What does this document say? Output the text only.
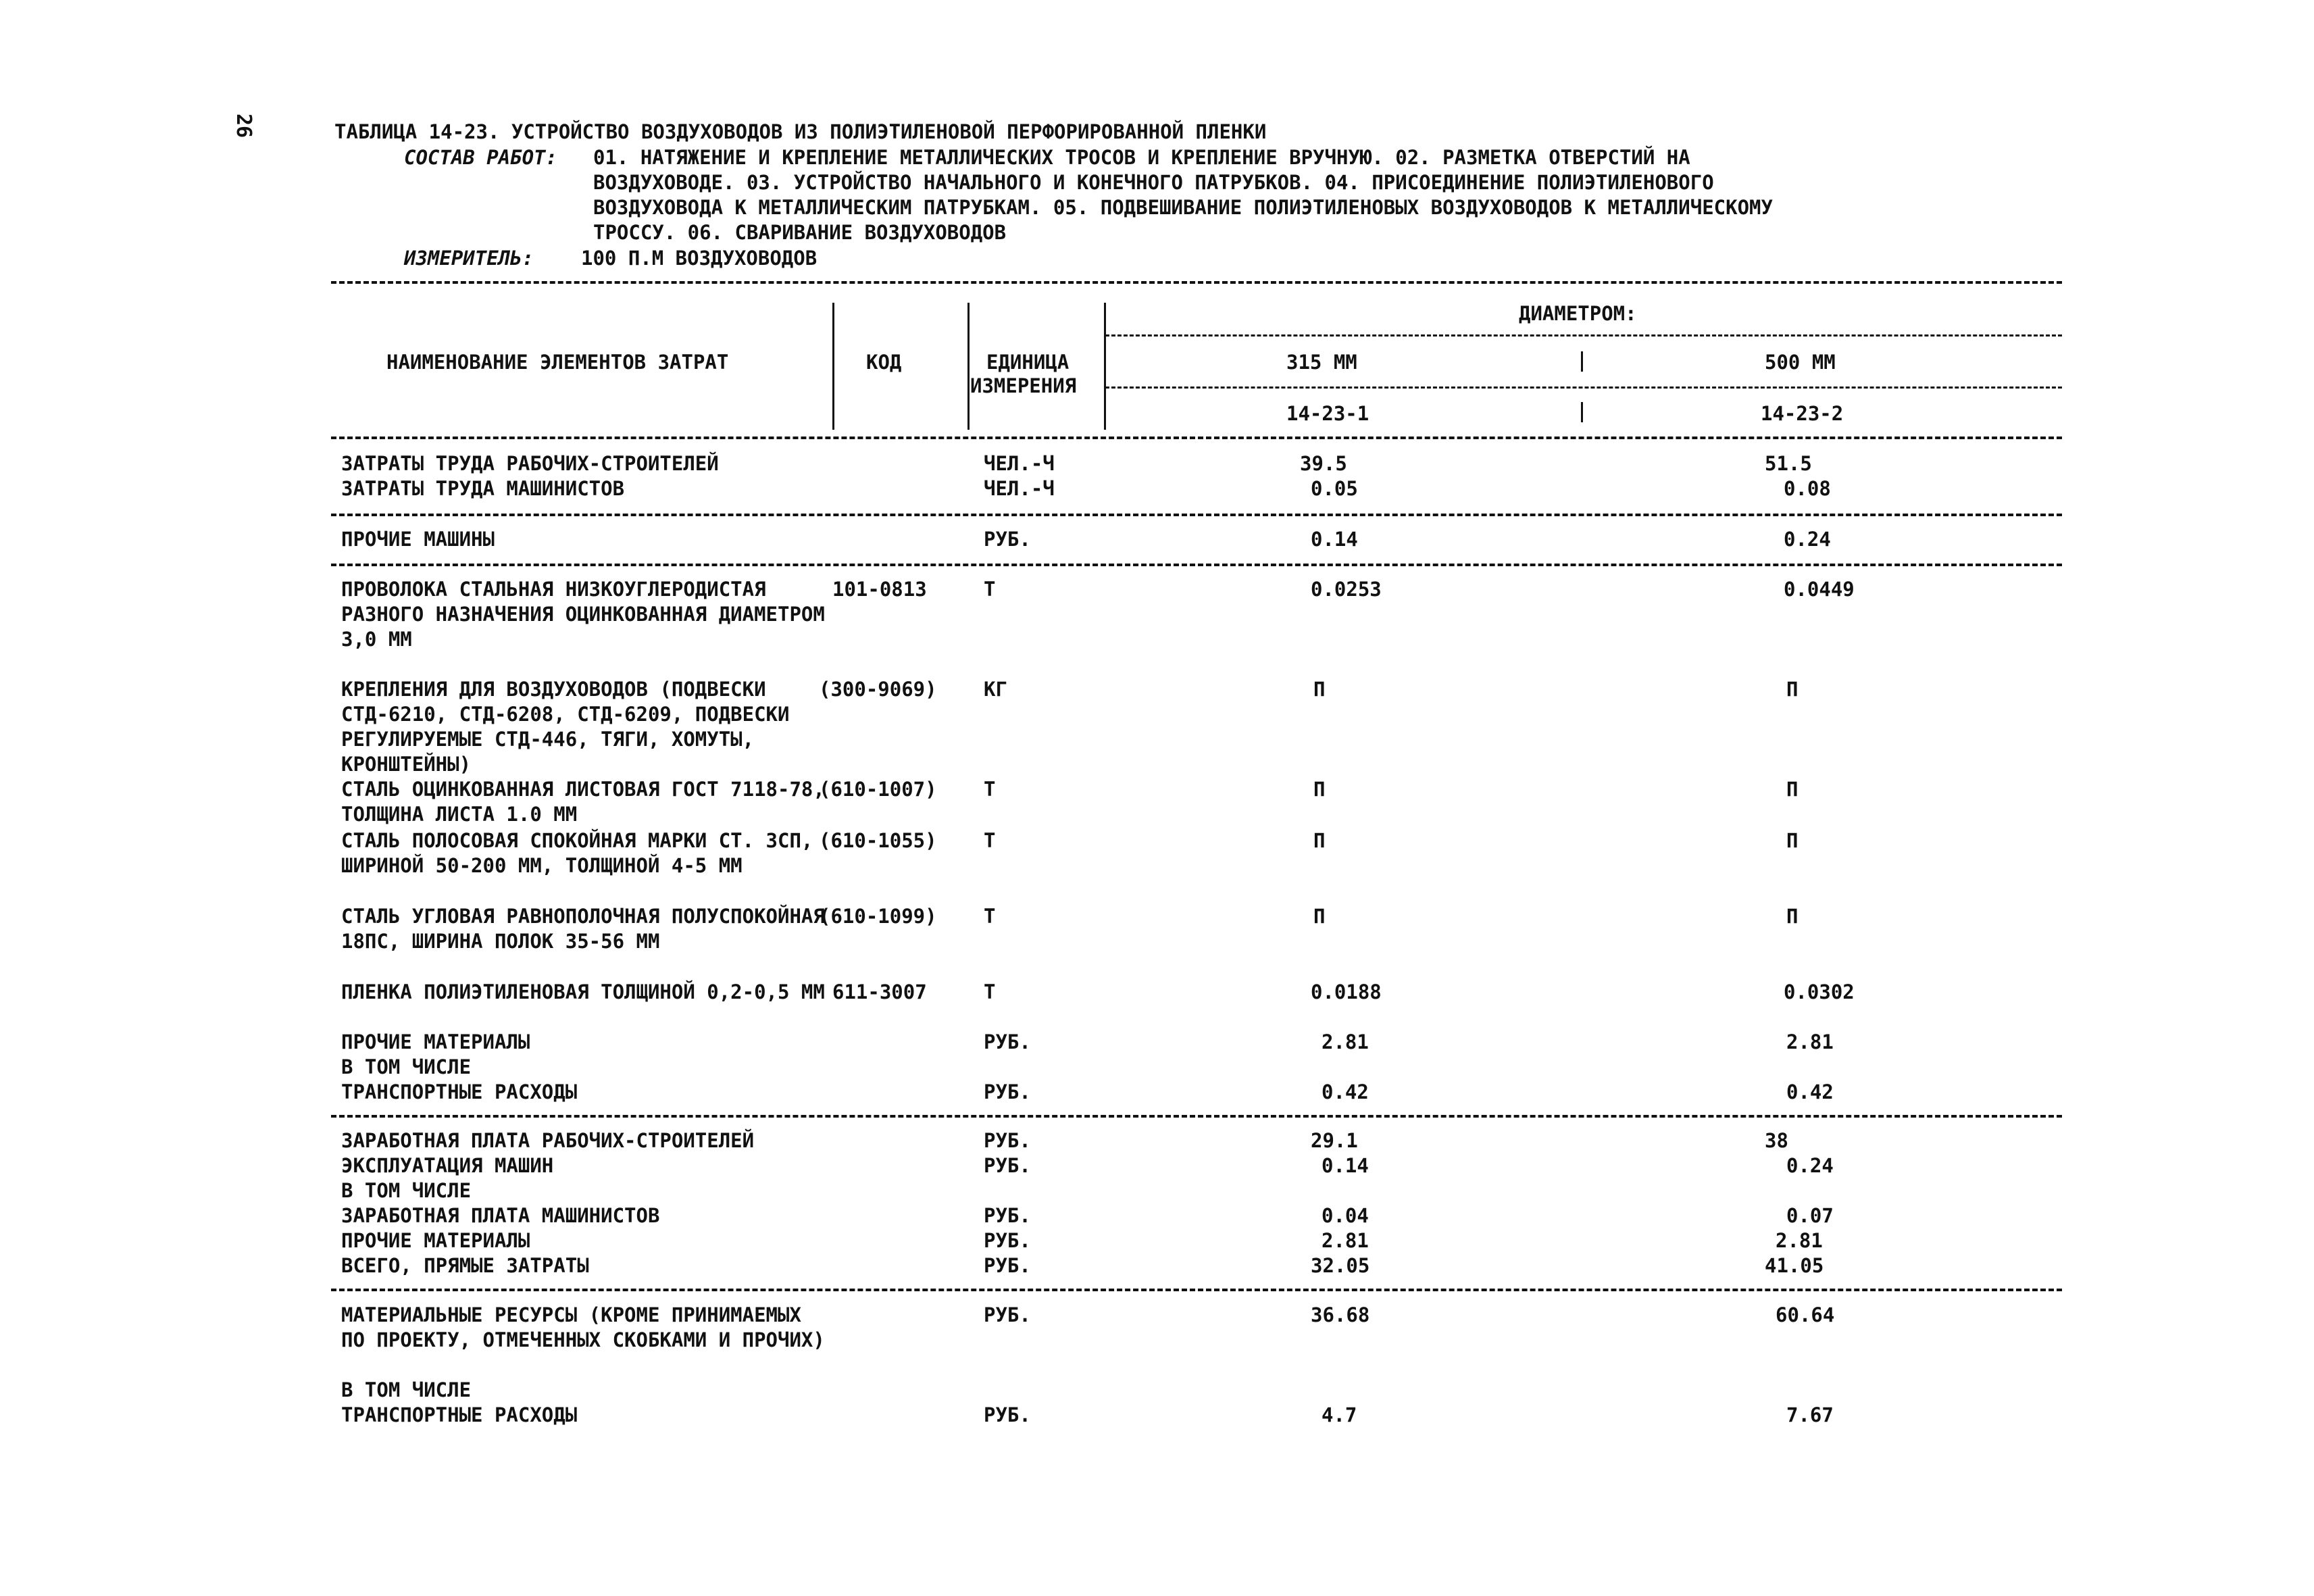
26	ТАБЛИЦА 14-23. УСТРОЙСТВО ВОЗДУХОВОДОВ ИЗ ПОЛИЭТИЛЕНОВОЙ ПЕРФОРИРОВАННОЙ ПЛЕНКИ
СОСТАВ РАБОТ: 01. НАТЯЖЕНИЕ И КРЕПЛЕНИЕ МЕТАЛЛИЧЕСКИХ ТРОСОВ И КРЕПЛЕНИЕ ВРУЧНУЮ. 02. РАЗМЕТКА ОТВЕРСТИЙ НА
ВОЗДУХОВОДЕ. 03. УСТРОЙСТВО НАЧАЛЬНОГО И КОНЕЧНОГО ПАТРУБКОВ. 04. ПРИСОЕДИНЕНИЕ ПОЛИЭТИЛЕНОВОГО
ВОЗДУХОВОДА К МЕТАЛЛИЧЕСКИМ ПАТРУБКАМ. 05. ПОДВЕШИВАНИЕ ПОЛИЭТИЛЕНОВЫХ ВОЗДУХОВОДОВ К МЕТАЛЛИЧЕСКОМУ
ТРОССУ. 06. СВАРИВАНИЕ ВОЗДУХОВОДОВ
ИЗМЕРИТЕЛЬ: 100 П.М ВОЗДУХОВОДОВ
НАИМЕНОВАНИЕ ЭЛЕМЕНТОВ ЗАТРАТ	КОД	ЕДИНИЦА
ИЗМЕРЕНИЯ
ДИАМЕТРОМ:
315 ММ	500 ММ
14-23-1	14-23-2
ЗАТРАТЫ ТРУДА РАБОЧИХ-СТРОИТЕЛЕЙ	ЧЕЛ.-Ч	39.5	51.5
ЗАТРАТЫ ТРУДА МАШИНИСТОВ	ЧЕЛ.-Ч	0.05	0.08
ПРОЧИЕ МАШИНЫ	РУБ.	0.14	0.24
ПРОВОЛОКА СТАЛЬНАЯ НИЗКОУГЛЕРОДИСТАЯ РАЗНОГО НАЗНАЧЕНИЯ ОЦИНКОВАННАЯ ДИАМЕТРОМ 3,0 ММ
101-0813	Т	0.0253	0.0449
КРЕПЛЕНИЯ ДЛЯ ВОЗДУХОВОДОВ (ПОДВЕСКИ СТД-6210, СТД-6208, СТД-6209, ПОДВЕСКИ РЕГУЛИРУЕМЫЕ СТД-446, ТЯГИ, ХОМУТЫ, КРОНШТЕЙНЫ)
(300-9069)	КГ	П	П
СТАЛЬ ОЦИНКОВАННАЯ ЛИСТОВАЯ ГОСТ 7118-78, ТОЛЩИНА ЛИСТА 1.0 ММ
(610-1007)	Т	П	П
СТАЛЬ ПОЛОСОВАЯ СПОКОЙНАЯ МАРКИ СТ. 3СП, ШИРИНОЙ 50-200 ММ, ТОЛЩИНОЙ 4-5 ММ
(610-1055)	Т	П	П
СТАЛЬ УГЛОВАЯ РАВНОПОЛОЧНАЯ ПОЛУСПОКОЙНАЯ 18ПС, ШИРИНА ПОЛОК 35-56 ММ
(610-1099)	Т	П	П
ПЛЕНКА ПОЛИЭТИЛЕНОВАЯ ТОЛЩИНОЙ 0,2-0,5 ММ 611-3007	Т	0.0188	0.0302
ПРОЧИЕ МАТЕРИАЛЫ	РУБ.	2.81	2.81
В ТОМ ЧИСЛЕ
ТРАНСПОРТНЫЕ РАСХОДЫ	РУБ.	0.42	0.42
ЗАРАБОТНАЯ ПЛАТА РАБОЧИХ-СТРОИТЕЛЕЙ	РУБ.	29.1	38
ЭКСПЛУАТАЦИЯ МАШИН	РУБ.	0.14	0.24
В ТОМ ЧИСЛЕ
ЗАРАБОТНАЯ ПЛАТА МАШИНИСТОВ	РУБ.	0.04	0.07
ПРОЧИЕ МАТЕРИАЛЫ	РУБ.	2.81	2.81
ВСЕГО, ПРЯМЫЕ ЗАТРАТЫ	РУБ.	32.05	41.05
МАТЕРИАЛЬНЫЕ РЕСУРСЫ (КРОМЕ ПРИНИМАЕМЫХ ПО ПРОЕКТУ, ОТМЕЧЕННЫХ СКОБКАМИ И ПРОЧИХ)
РУБ.	36.68	60.64
В ТОМ ЧИСЛЕ
ТРАНСПОРТНЫЕ РАСХОДЫ	РУБ.	4.7	7.67
